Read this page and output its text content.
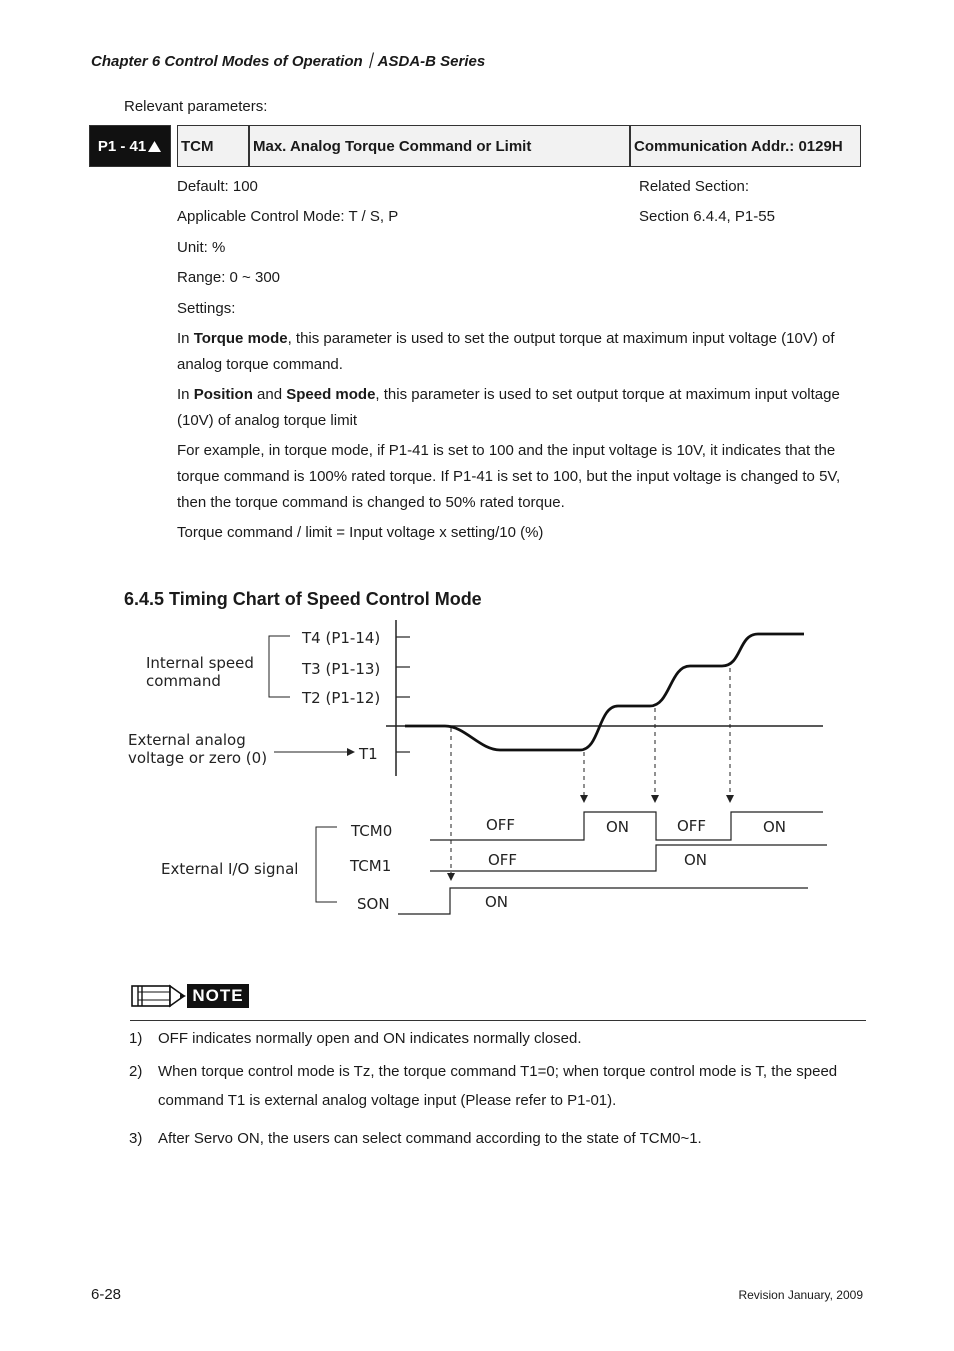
Chapter 6 Control Modes of Operation｜ASDA-B Series
Relevant parameters:
P1 - 41 TCM	Max. Analog Torque Command or Limit	Communication Addr.: 0129H
Default: 100
Applicable Control Mode: T / S, P
Unit: %
Range: 0 ~ 300
Settings:
Related Section:
Section 6.4.4, P1-55
In Torque mode, this parameter is used to set the output torque at maximum input voltage (10V) of analog torque command.
In Position and Speed mode, this parameter is used to set output torque at maximum input voltage (10V) of analog torque limit
For example, in torque mode, if P1-41 is set to 100 and the input voltage is 10V, it indicates that the torque command is 100% rated torque. If P1-41 is set to 100, but the input voltage is changed to 5V, then the torque command is changed to 50% rated torque.
Torque command / limit = Input voltage x setting/10 (%)
6.4.5 Timing Chart of Speed Control Mode
Internal speed
command
T4 (P1-14)
T3 (P1-13)
T2 (P1-12)
External analog
voltage or zero (0)	T1
External I/O signal
TCM0
TCM1
SON
OFF	ON	OFF	ON
OFF	ON
ON
NOTE
1) OFF indicates normally open and ON indicates normally closed.
2) When torque control mode is Tz, the torque command T1=0; when torque control mode is T, the speed command T1 is external analog voltage input (Please refer to P1-01).
3) After Servo ON, the users can select command according to the state of TCM0~1.
6-28	Revision January, 2009
